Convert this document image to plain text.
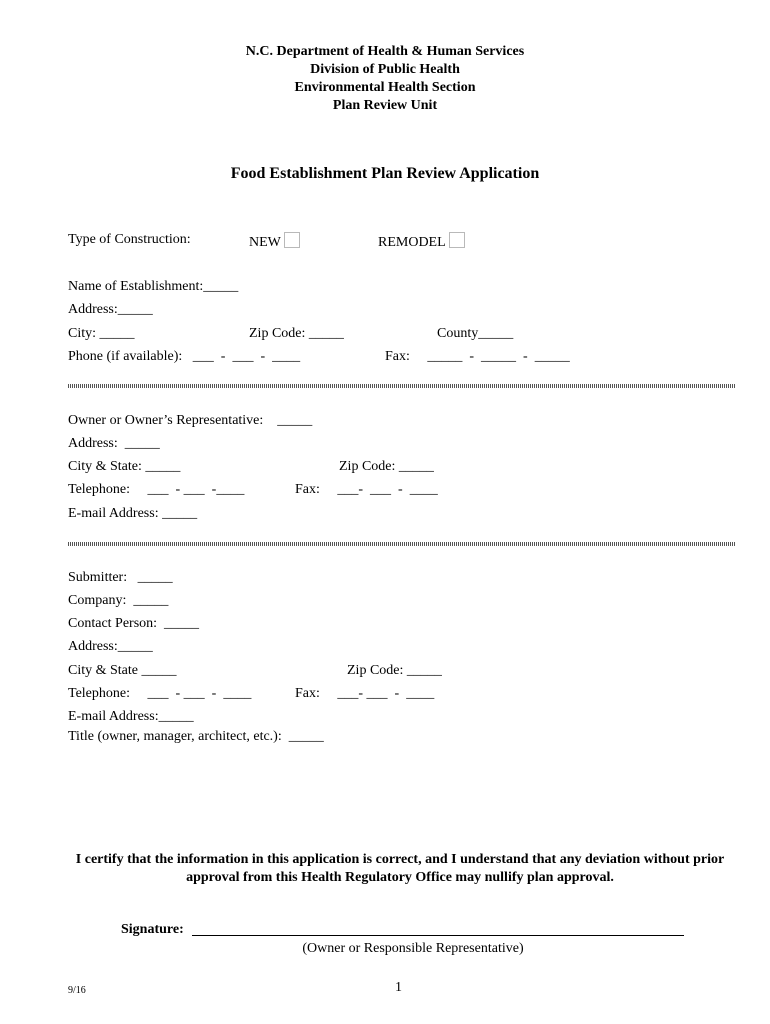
N.C. Department of Health & Human Services
Division of Public Health
Environmental Health Section
Plan Review Unit
Food Establishment Plan Review Application
Type of Construction:	NEW	REMODEL
Name of Establishment:_____
Address:_____
City: _____	Zip Code: _____	County_____
Phone (if available):   ___  -  ___  -  ____	Fax:     _____  -  _____  -  _____
Owner or Owner’s Representative:    _____
Address:  _____
City & State: _____	Zip Code: _____
Telephone:     ___  - ___  -____	Fax:     ___-  ___  -  ____
E-mail Address: _____
Submitter:   _____
Company:  _____
Contact Person:  _____
Address:_____
City & State _____	Zip Code: _____
Telephone:     ___  - ___  -  ____	Fax:     ___- ___  -  ____
E-mail Address:_____
Title (owner, manager, architect, etc.):  _____
I certify that the information in this application is correct, and I understand that any deviation without prior approval from this Health Regulatory Office may nullify plan approval.
Signature:
(Owner or Responsible Representative)
9/16	1
